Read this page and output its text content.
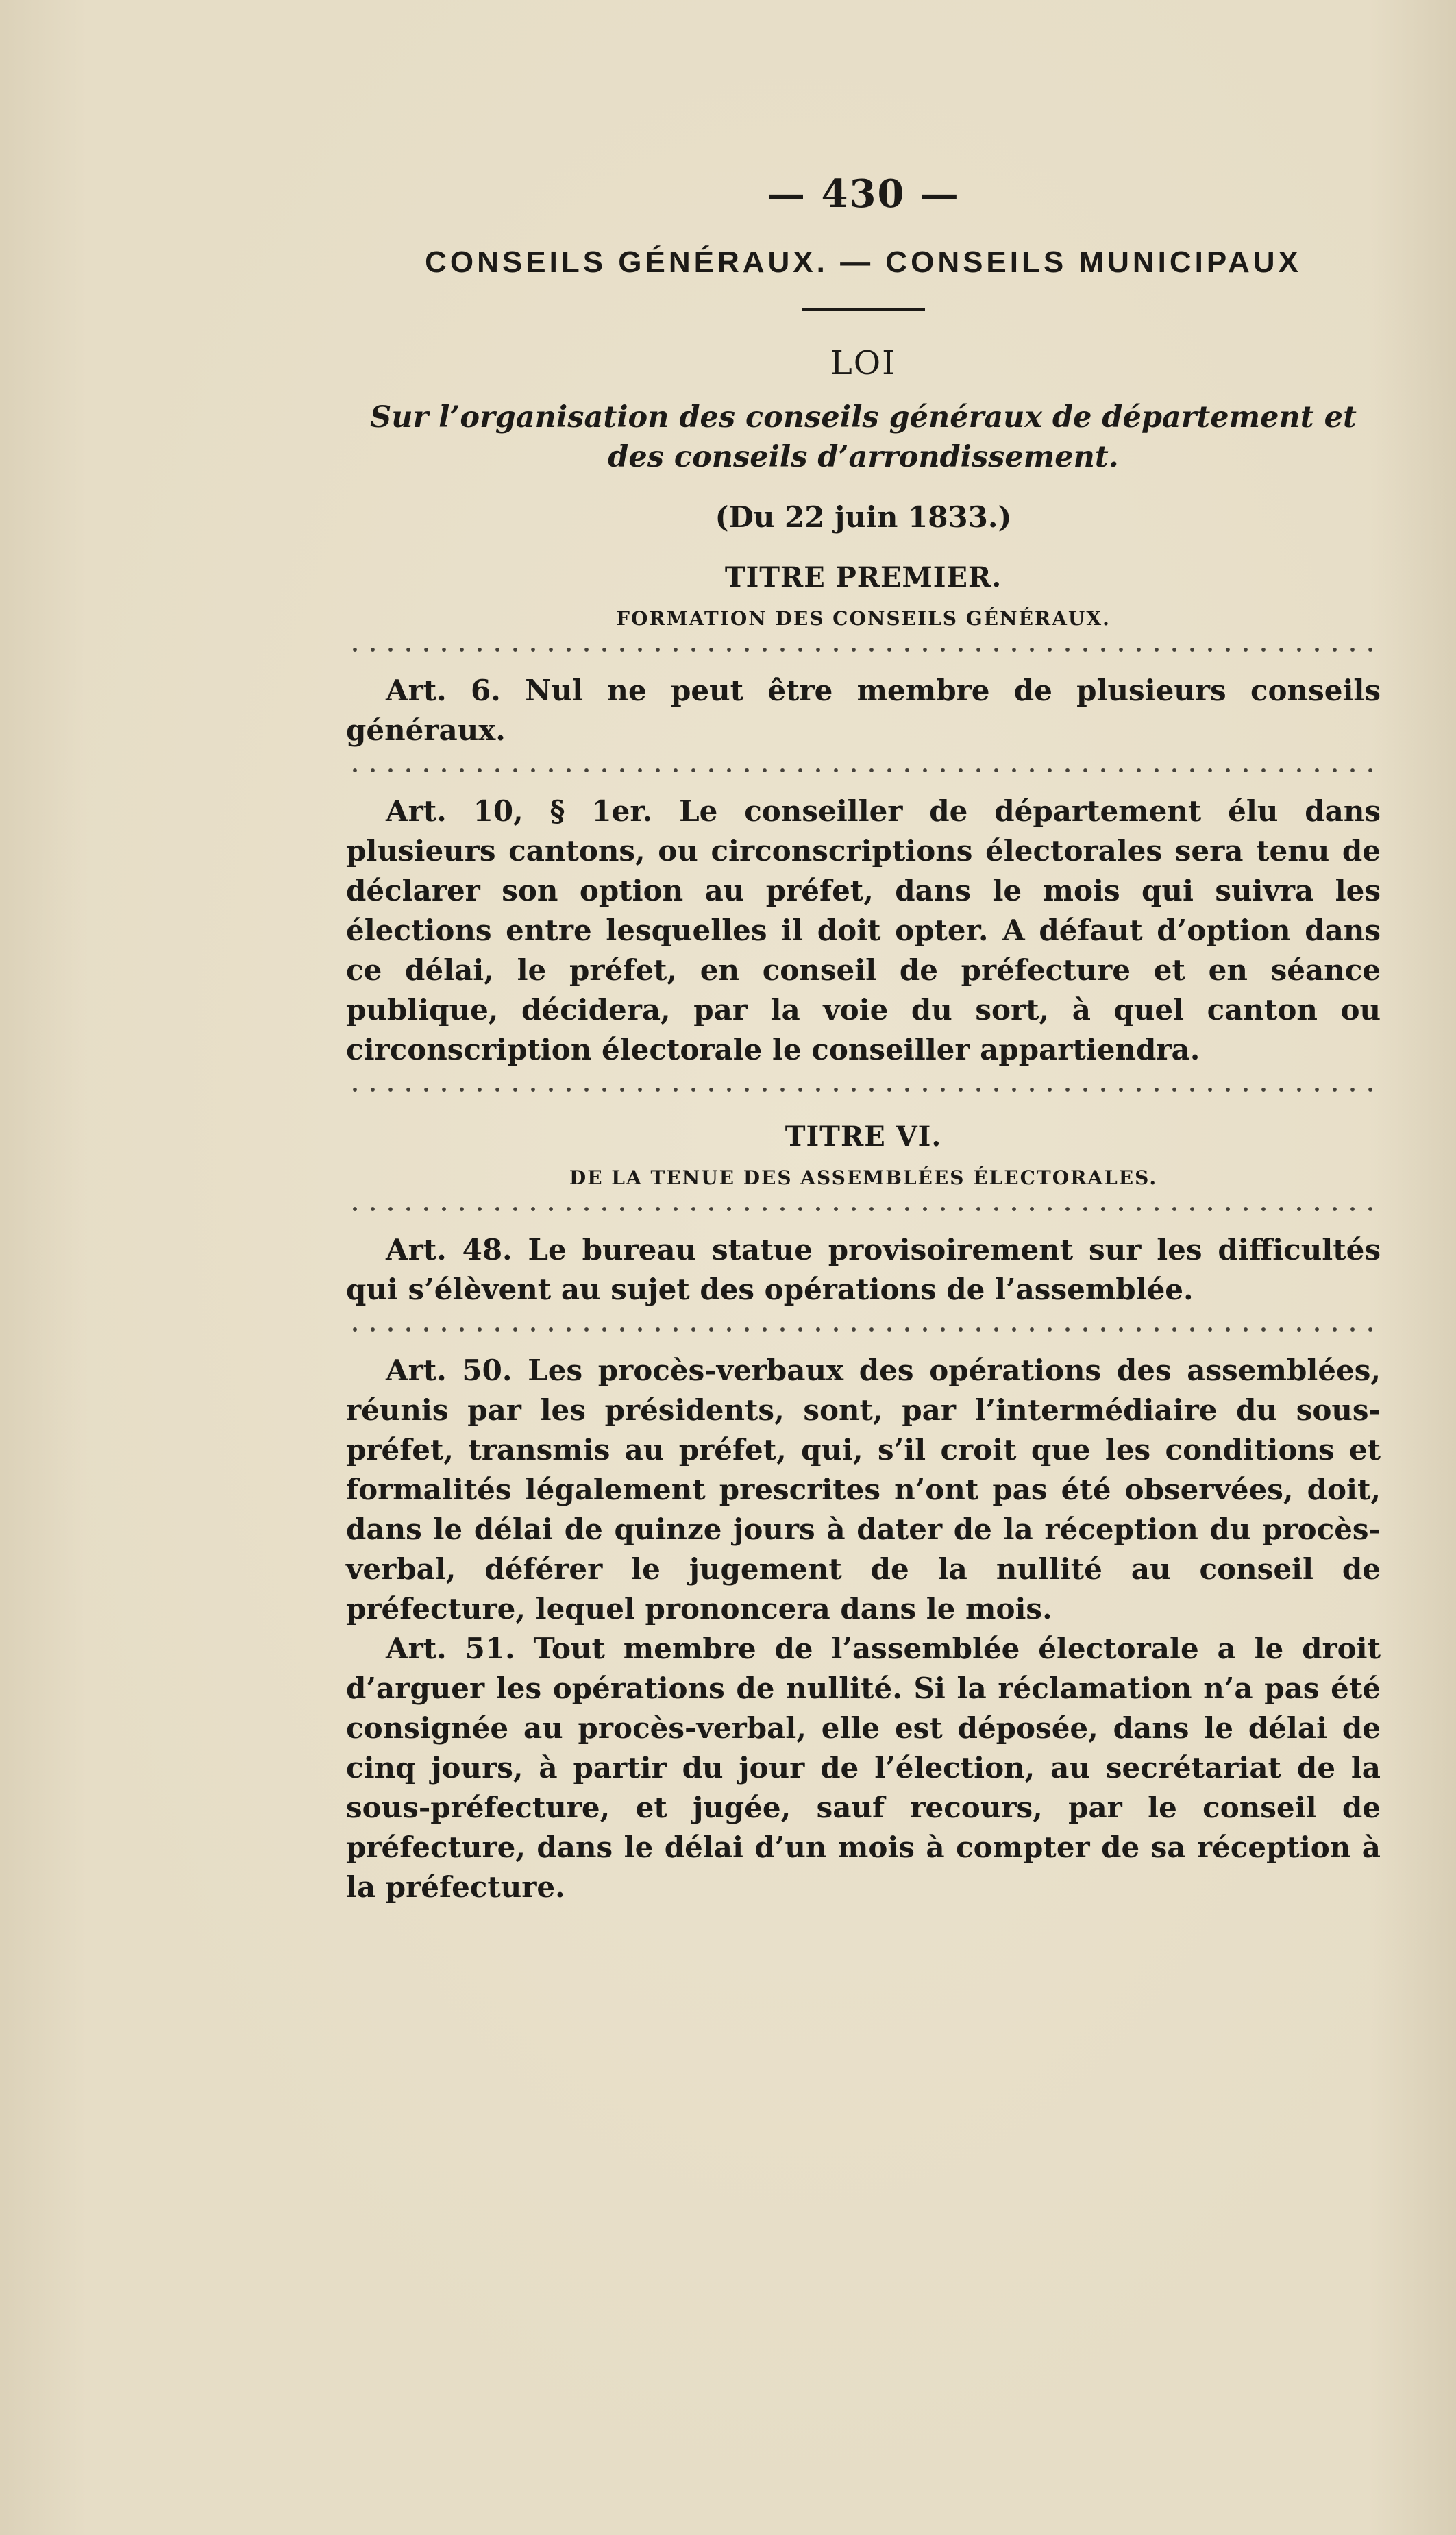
— 430 —
CONSEILS GÉNÉRAUX. — CONSEILS MUNICIPAUX
LOI
Sur l’organisation des conseils généraux de département et
des conseils d’arrondissement.
(Du 22 juin 1833.)
TITRE PREMIER.
FORMATION DES CONSEILS GÉNÉRAUX.

Art. 6. Nul ne peut être membre de plusieurs conseils généraux.

Art. 10, § 1er. Le conseiller de département élu dans plusieurs cantons, ou circonscriptions électorales sera tenu de déclarer son option au préfet, dans le mois qui suivra les élections entre lesquelles il doit opter. A défaut d’option dans ce délai, le préfet, en conseil de préfecture et en séance publique, décidera, par la voie du sort, à quel canton ou circonscription électorale le conseiller appartiendra.

TITRE VI.
DE LA TENUE DES ASSEMBLÉES ÉLECTORALES.

Art. 48. Le bureau statue provisoirement sur les difficultés qui s’élèvent au sujet des opérations de l’assemblée.

Art. 50. Les procès-verbaux des opérations des assemblées, réunis par les présidents, sont, par l’intermédiaire du sous-préfet, transmis au préfet, qui, s’il croit que les conditions et formalités légalement prescrites n’ont pas été observées, doit, dans le délai de quinze jours à dater de la réception du procès-verbal, déférer le jugement de la nullité au conseil de préfecture, lequel prononcera dans le mois.

Art. 51. Tout membre de l’assemblée électorale a le droit d’arguer les opérations de nullité. Si la réclamation n’a pas été consignée au procès-verbal, elle est déposée, dans le délai de cinq jours, à partir du jour de l’élection, au secrétariat de la sous-préfecture, et jugée, sauf recours, par le conseil de préfecture, dans le délai d’un mois à compter de sa réception à la préfecture.
